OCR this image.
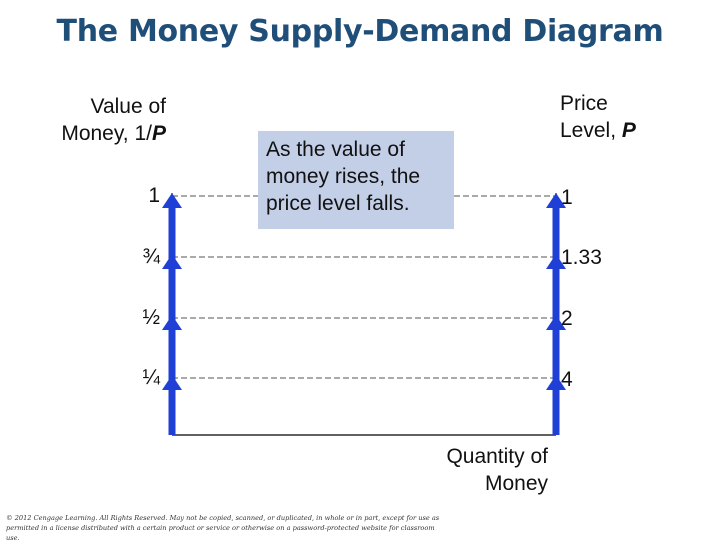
The Money Supply-Demand Diagram
Value of
Money, 1/P
Price
Level, P
1
¾
½
¼
1
1.33
2
4
As the value of
money rises, the
price level falls.
Quantity of
Money
© 2012 Cengage Learning. All Rights Reserved. May not be copied, scanned, or duplicated, in whole or in part, except for use as
permitted in a license distributed with a certain product or service or otherwise on a password-protected website for classroom use.
